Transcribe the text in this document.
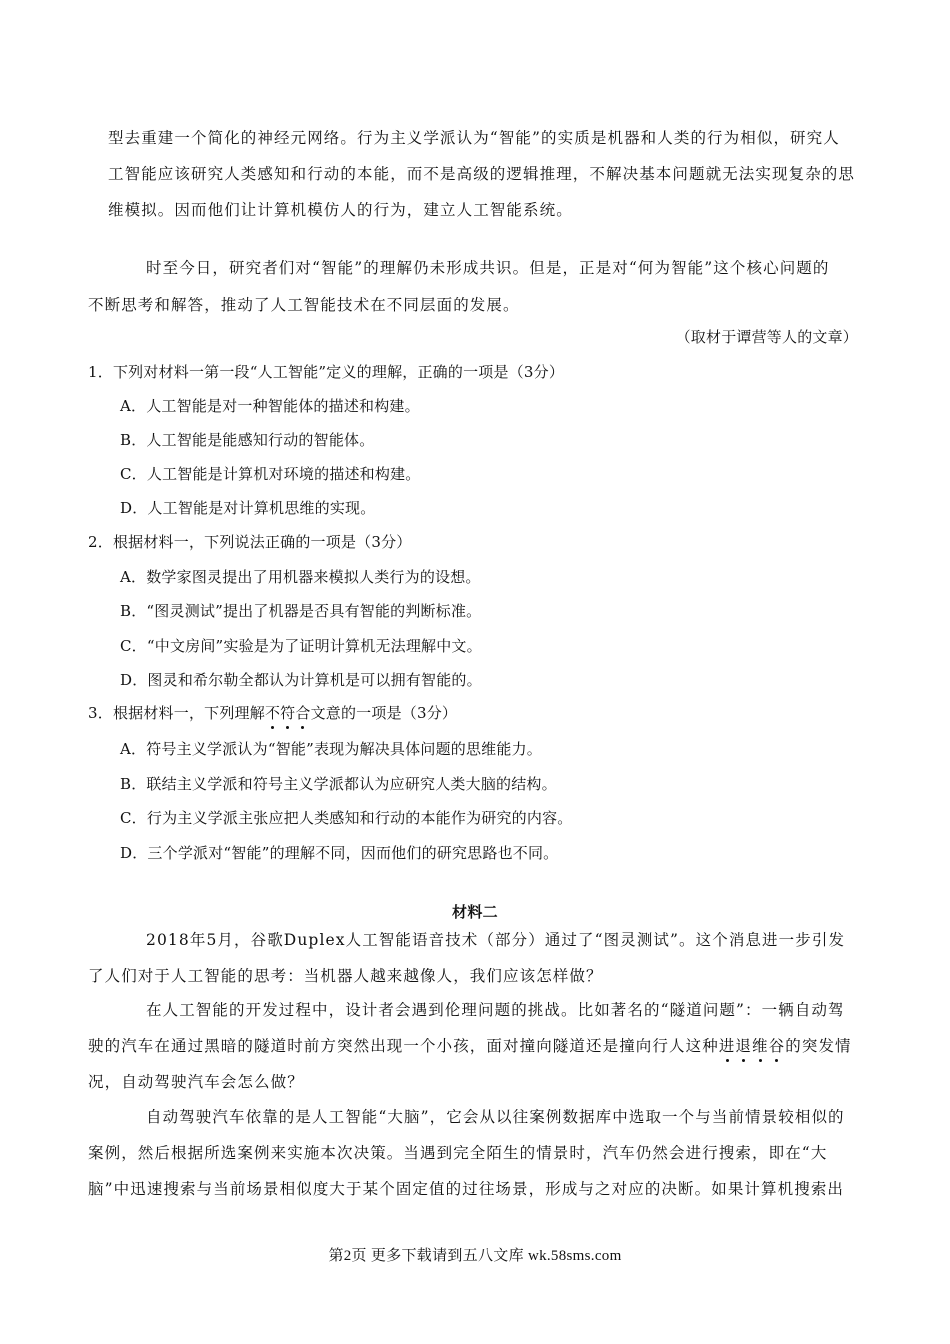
型去重建一个简化的神经元网络。行为主义学派认为“智能”的实质是机器和人类的行为相似，研究人
工智能应该研究人类感知和行动的本能，而不是高级的逻辑推理，不解决基本问题就无法实现复杂的思
维模拟。因而他们让计算机模仿人的行为，建立人工智能系统。
时至今日，研究者们对“智能”的理解仍未形成共识。但是，正是对“何为智能”这个核心问题的
不断思考和解答，推动了人工智能技术在不同层面的发展。
（取材于谭营等人的文章）
1．下列对材料一第一段“人工智能”定义的理解，正确的一项是（3分）
A．人工智能是对一种智能体的描述和构建。
B．人工智能是能感知行动的智能体。
C．人工智能是计算机对环境的描述和构建。
D．人工智能是对计算机思维的实现。
2．根据材料一，下列说法正确的一项是（3分）
A．数学家图灵提出了用机器来模拟人类行为的设想。
B．“图灵测试”提出了机器是否具有智能的判断标准。
C．“中文房间”实验是为了证明计算机无法理解中文。
D．图灵和希尔勒全都认为计算机是可以拥有智能的。
3．根据材料一，下列理解不符合文意的一项是（3分）
A．符号主义学派认为“智能”表现为解决具体问题的思维能力。
B．联结主义学派和符号主义学派都认为应研究人类大脑的结构。
C．行为主义学派主张应把人类感知和行动的本能作为研究的内容。
D．三个学派对“智能”的理解不同，因而他们的研究思路也不同。
材料二
2018年5月，谷歌Duplex人工智能语音技术（部分）通过了“图灵测试”。这个消息进一步引发
了人们对于人工智能的思考：当机器人越来越像人，我们应该怎样做？
在人工智能的开发过程中，设计者会遇到伦理问题的挑战。比如著名的“隧道问题”：一辆自动驾
驶的汽车在通过黑暗的隧道时前方突然出现一个小孩，面对撞向隧道还是撞向行人这种进退维谷的突发情
况，自动驾驶汽车会怎么做？
自动驾驶汽车依靠的是人工智能“大脑”，它会从以往案例数据库中选取一个与当前情景较相似的
案例，然后根据所选案例来实施本次决策。当遇到完全陌生的情景时，汽车仍然会进行搜索，即在“大
脑”中迅速搜索与当前场景相似度大于某个固定值的过往场景，形成与之对应的决断。如果计算机搜索出
第2页 更多下载请到五八文库 wk.58sms.com
